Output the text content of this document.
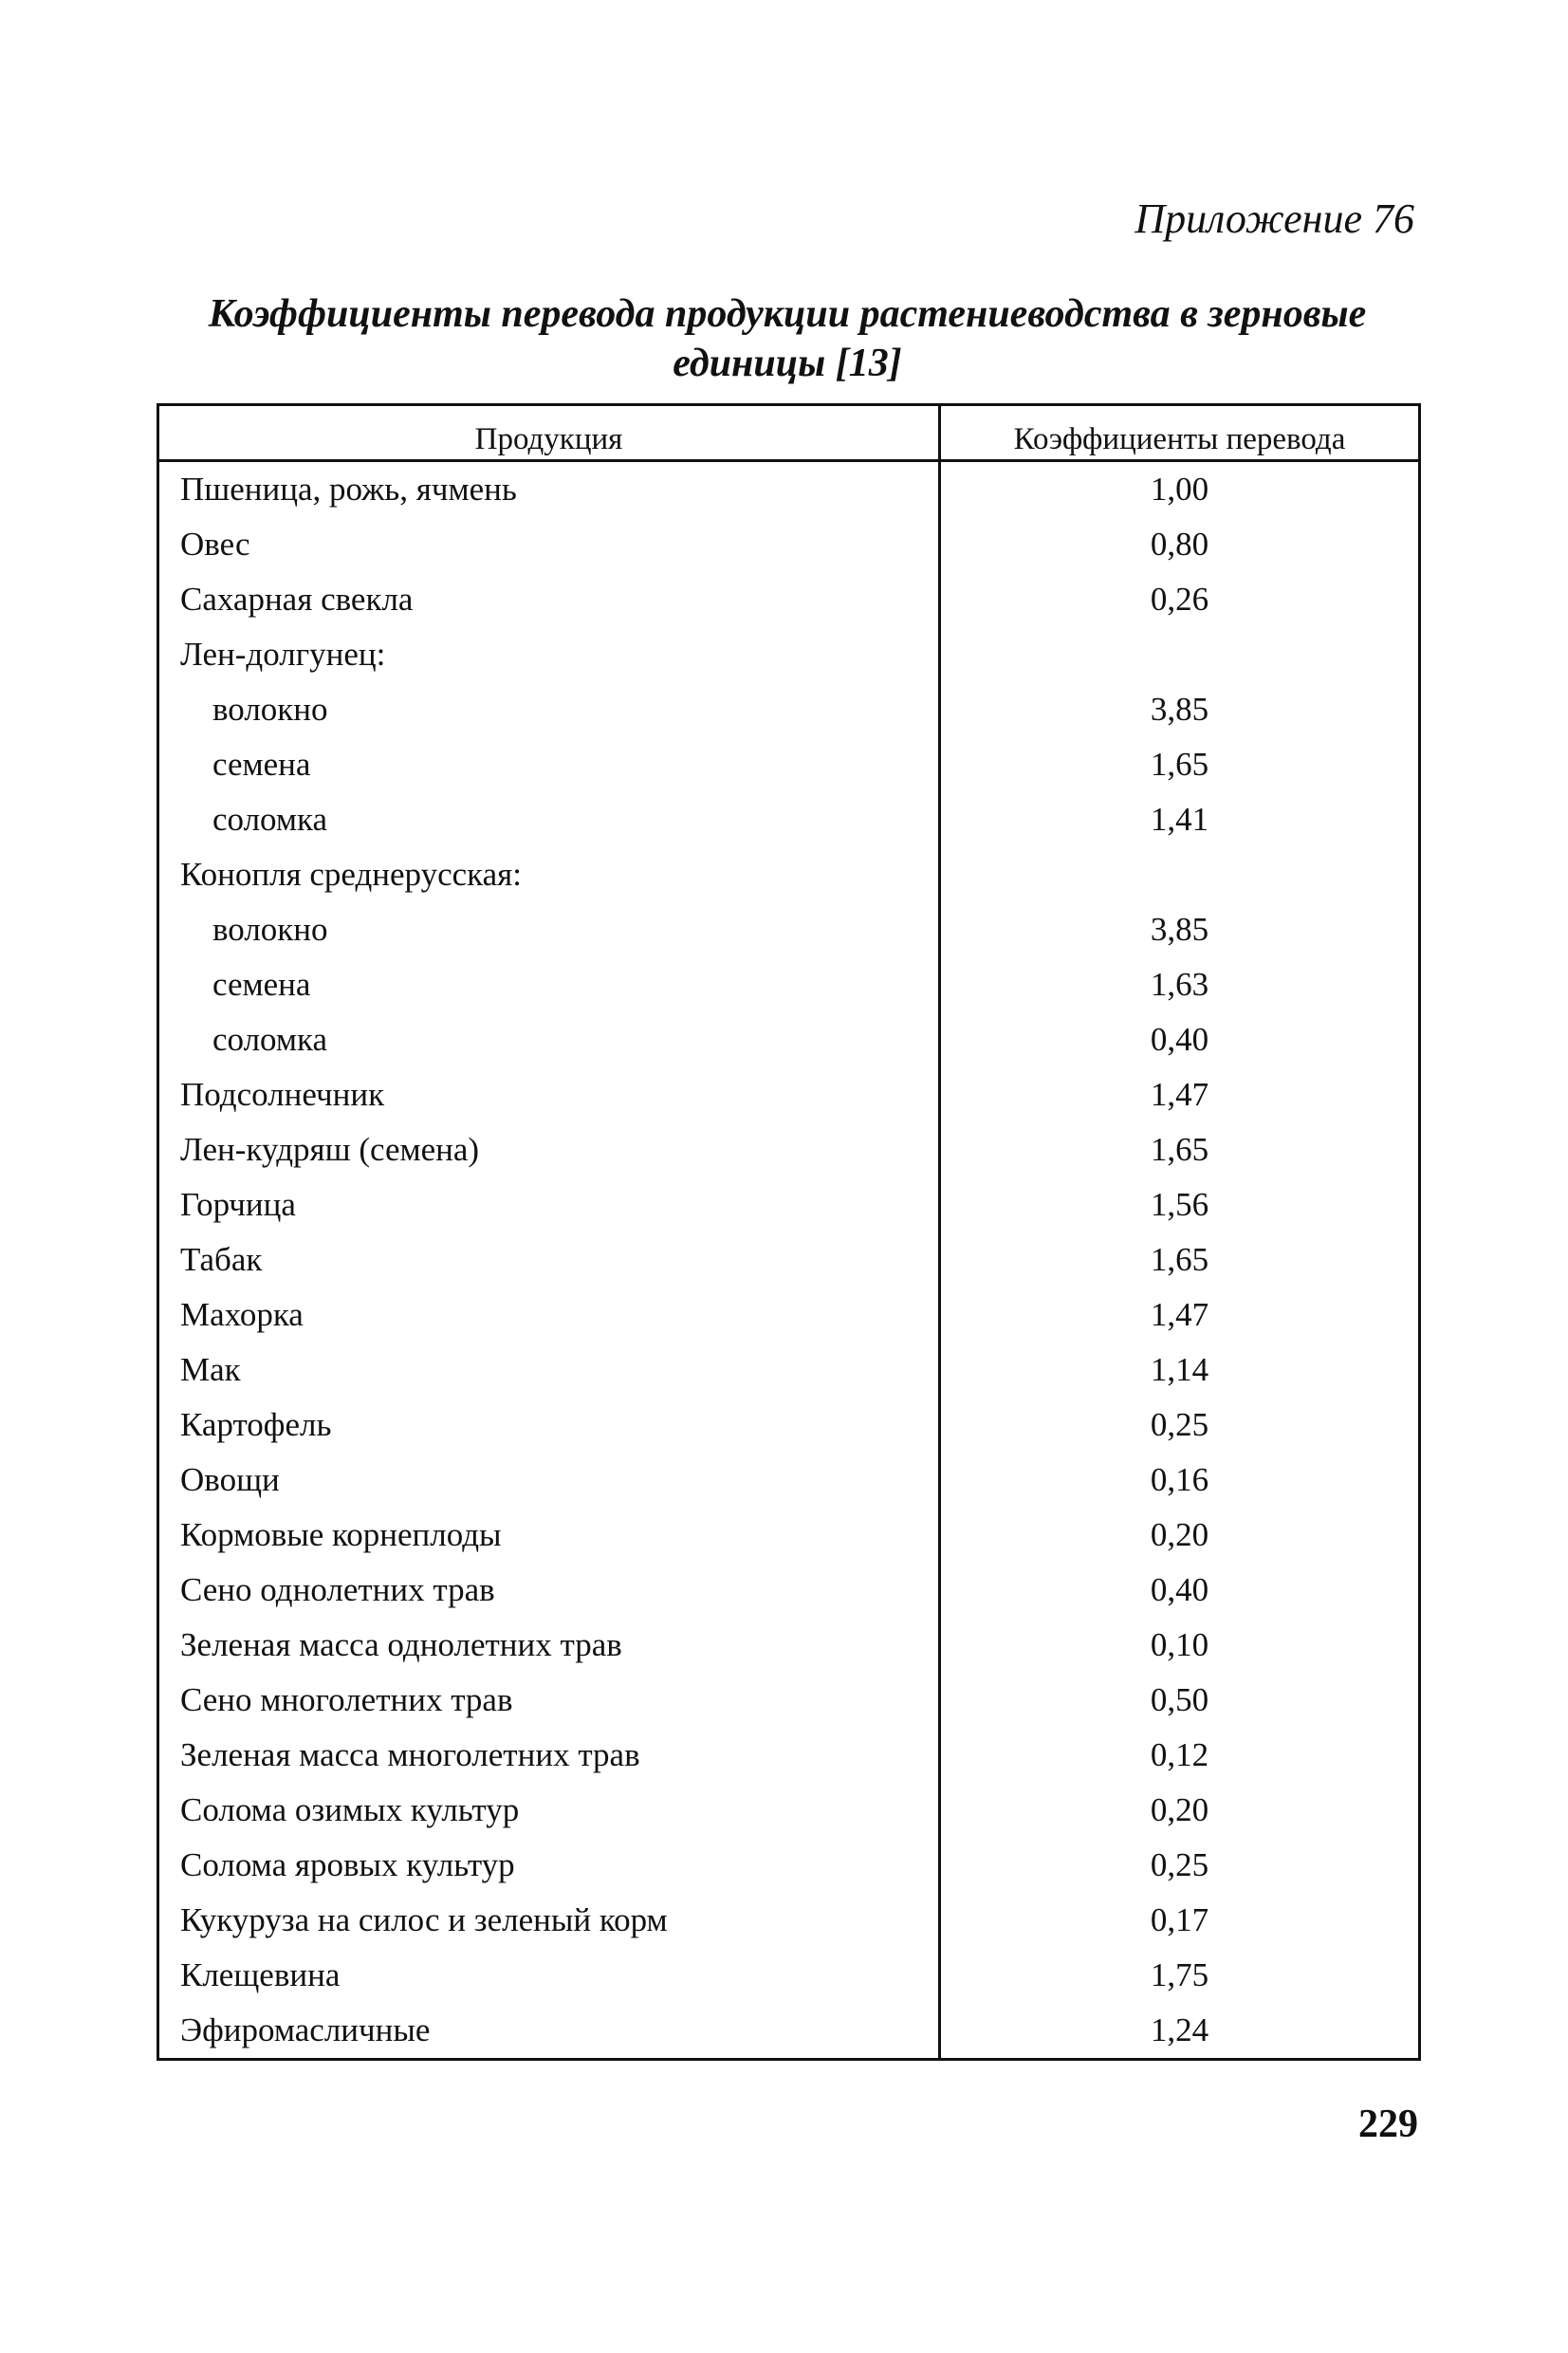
Приложение 76
Коэффициенты перевода продукции растениеводства в зерновые
единицы [13]
Продукция	Коэффициенты перевода
Пшеница, рожь, ячмень	1,00
Овес	0,80
Сахарная свекла	0,26
Лен-долгунец:	
волокно	3,85
семена	1,65
соломка	1,41
Конопля среднерусская:	
волокно	3,85
семена	1,63
соломка	0,40
Подсолнечник	1,47
Лен-кудряш (семена)	1,65
Горчица	1,56
Табак	1,65
Махорка	1,47
Мак	1,14
Картофель	0,25
Овощи	0,16
Кормовые корнеплоды	0,20
Сено однолетних трав	0,40
Зеленая масса однолетних трав	0,10
Сено многолетних трав	0,50
Зеленая масса многолетних трав	0,12
Солома озимых культур	0,20
Солома яровых культур	0,25
Кукуруза на силос и зеленый корм	0,17
Клещевина	1,75
Эфиромасличные	1,24
229
